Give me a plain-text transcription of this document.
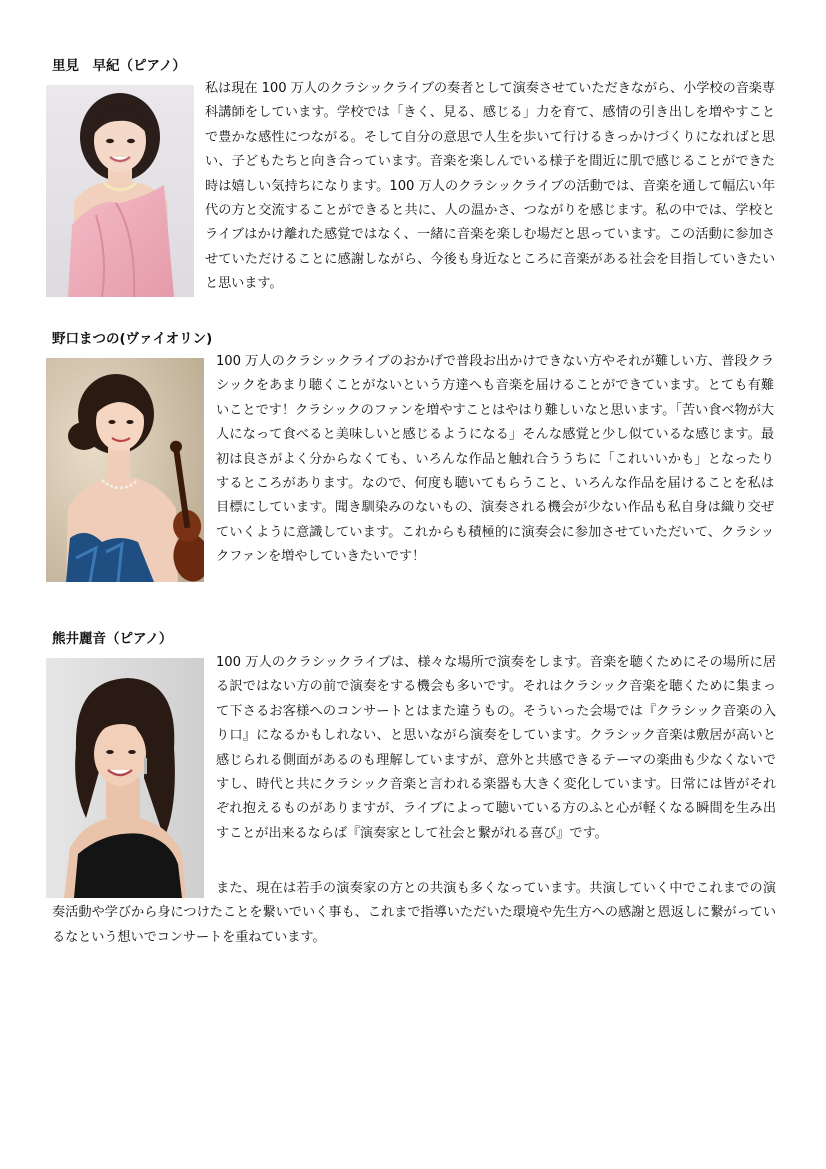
里見　早紀（ピアノ）

私は現在 100 万人のクラシックライブの奏者として演奏させていただきながら、小学校の音楽専科講師をしています。学校では「きく、見る、感じる」力を育て、感情の引き出しを増やすことで豊かな感性につながる。そして自分の意思で人生を歩いて行けるきっかけづくりになればと思い、子どもたちと向き合っています。音楽を楽しんでいる様子を間近に肌で感じることができた時は嬉しい気持ちになります。100 万人のクラシックライブの活動では、音楽を通して幅広い年代の方と交流することができると共に、人の温かさ、つながりを感じます。私の中では、学校とライブはかけ離れた感覚ではなく、一緒に音楽を楽しむ場だと思っています。この活動に参加させていただけることに感謝しながら、今後も身近なところに音楽がある社会を目指していきたいと思います。

野口まつの(ヴァイオリン)

100 万人のクラシックライブのおかげで普段お出かけできない方やそれが難しい方、普段クラシックをあまり聴くことがないという方達へも音楽を届けることができています。とても有難いことです！クラシックのファンを増やすことはやはり難しいなと思います。「苦い食べ物が大人になって食べると美味しいと感じるようになる」そんな感覚と少し似ているな感じます。最初は良さがよく分からなくても、いろんな作品と触れ合ううちに「これいいかも」となったりするところがあります。なので、何度も聴いてもらうこと、いろんな作品を届けることを私は目標にしています。聞き馴染みのないもの、演奏される機会が少ない作品も私自身は織り交ぜていくように意識しています。これからも積極的に演奏会に参加させていただいて、クラシックファンを増やしていきたいです！

熊井麗音（ピアノ）

100 万人のクラシックライブは、様々な場所で演奏をします。音楽を聴くためにその場所に居る訳ではない方の前で演奏をする機会も多いです。それはクラシック音楽を聴くために集まって下さるお客様へのコンサートとはまた違うもの。そういった会場では『クラシック音楽の入り口』になるかもしれない、と思いながら演奏をしています。クラシック音楽は敷居が高いと感じられる側面があるのも理解していますが、意外と共感できるテーマの楽曲も少なくないですし、時代と共にクラシック音楽と言われる楽器も大きく変化しています。日常には皆がそれぞれ抱えるものがありますが、ライブによって聴いている方のふと心が軽くなる瞬間を生み出すことが出来るならば『演奏家として社会と繋がれる喜び』です。

また、現在は若手の演奏家の方との共演も多くなっています。共演していく中でこれまでの演奏活動や学びから身につけたことを繋いでいく事も、これまで指導いただいた環境や先生方への感謝と恩返しに繋がっているなという想いでコンサートを重ねています。
